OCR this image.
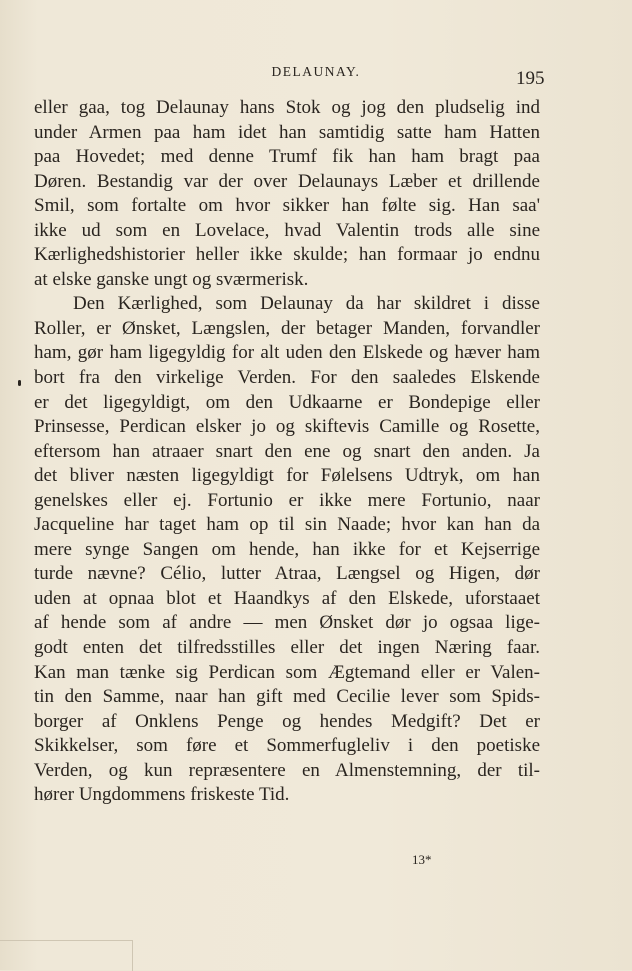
DELAUNAY.	195
eller gaa, tog Delaunay hans Stok og jog den pludselig ind
under Armen paa ham idet han samtidig satte ham Hatten
paa Hovedet; med denne Trumf fik han ham bragt paa
Døren. Bestandig var der over Delaunays Læber et drillende
Smil, som fortalte om hvor sikker han følte sig. Han saa'
ikke ud som en Lovelace, hvad Valentin trods alle sine
Kærlighedshistorier heller ikke skulde; han formaar jo endnu
at elske ganske ungt og sværmerisk.
Den Kærlighed, som Delaunay da har skildret i disse
Roller, er Ønsket, Længslen, der betager Manden, forvandler
ham, gør ham ligegyldig for alt uden den Elskede og hæver ham
bort fra den virkelige Verden. For den saaledes Elskende
er det ligegyldigt, om den Udkaarne er Bondepige eller
Prinsesse, Perdican elsker jo og skiftevis Camille og Rosette,
eftersom han atraaer snart den ene og snart den anden. Ja
det bliver næsten ligegyldigt for Følelsens Udtryk, om han
genelskes eller ej. Fortunio er ikke mere Fortunio, naar
Jacqueline har taget ham op til sin Naade; hvor kan han da
mere synge Sangen om hende, han ikke for et Kejserrige
turde nævne? Célio, lutter Atraa, Længsel og Higen, dør
uden at opnaa blot et Haandkys af den Elskede, uforstaaet
af hende som af andre — men Ønsket dør jo ogsaa lige-
godt enten det tilfredsstilles eller det ingen Næring faar.
Kan man tænke sig Perdican som Ægtemand eller er Valen-
tin den Samme, naar han gift med Cecilie lever som Spids-
borger af Onklens Penge og hendes Medgift? Det er
Skikkelser, som føre et Sommerfugleliv i den poetiske
Verden, og kun repræsentere en Almenstemning, der til-
hører Ungdommens friskeste Tid.
13*
